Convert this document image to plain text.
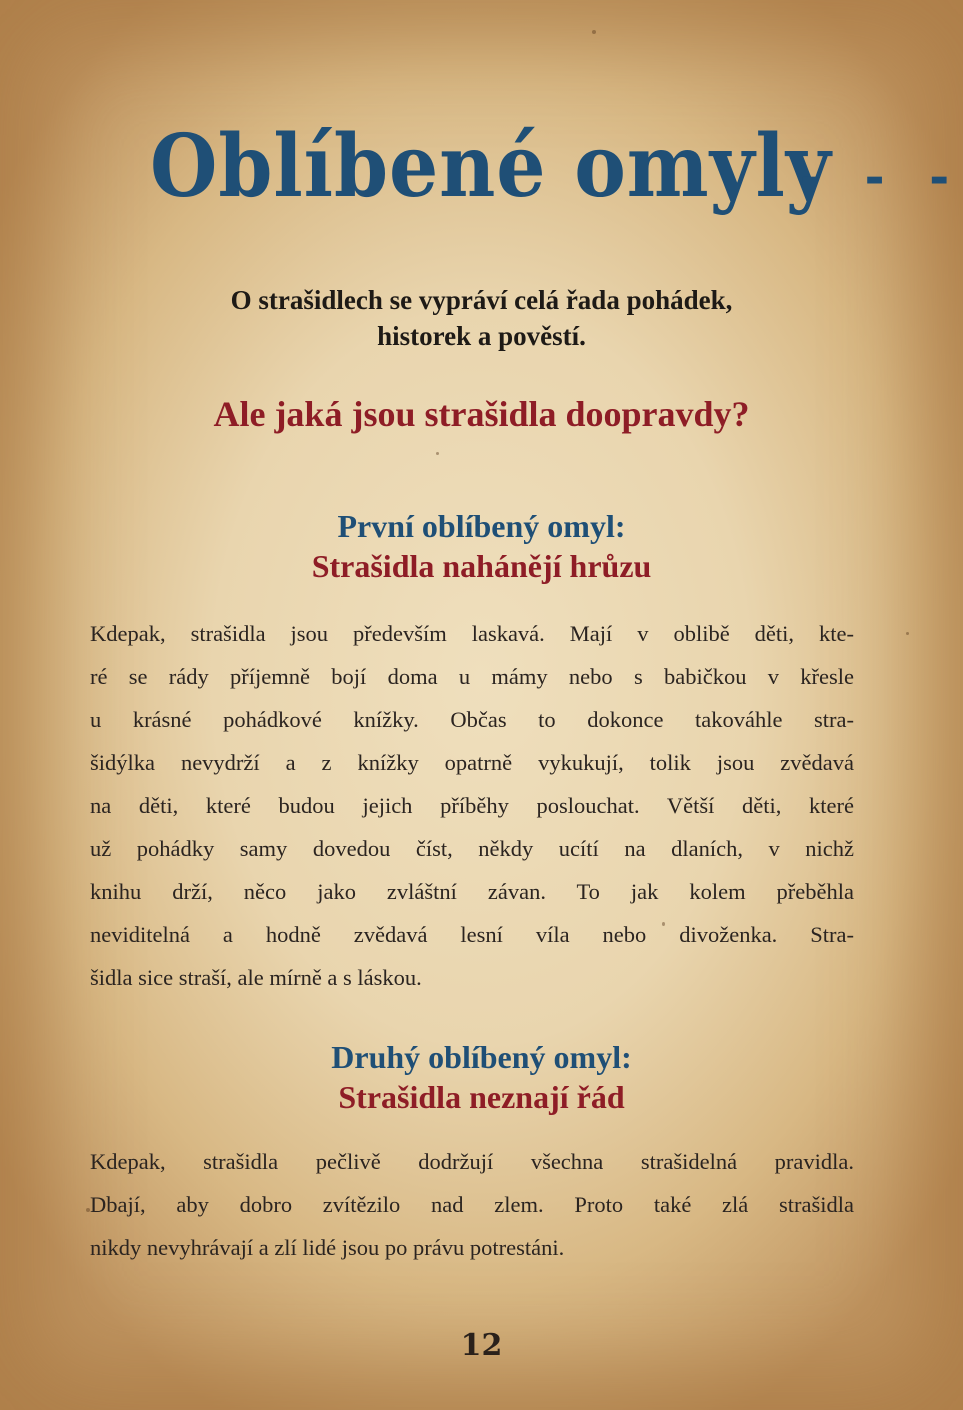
Oblíbené omyly
- - -
O strašidlech se vypráví celá řada pohádek,
historek a pověstí.
Ale jaká jsou strašidla doopravdy?
První oblíbený omyl:
Strašidla nahánějí hrůzu
Kdepak, strašidla jsou především laskavá. Mají v oblibě děti, kte-
ré se rády příjemně bojí doma u mámy nebo s babičkou v křesle
u krásné pohádkové knížky. Občas to dokonce takováhle stra-
šidýlka nevydrží a z knížky opatrně vykukují, tolik jsou zvědavá
na děti, které budou jejich příběhy poslouchat. Větší děti, které
už pohádky samy dovedou číst, někdy ucítí na dlaních, v nichž
knihu drží, něco jako zvláštní závan. To jak kolem přeběhla
neviditelná a hodně zvědavá lesní víla nebo divoženka. Stra-
šidla sice straší, ale mírně a s láskou.
Druhý oblíbený omyl:
Strašidla neznají řád
Kdepak, strašidla pečlivě dodržují všechna strašidelná pravidla.
Dbají, aby dobro zvítězilo nad zlem. Proto také zlá strašidla
nikdy nevyhrávají a zlí lidé jsou po právu potrestáni.
12
